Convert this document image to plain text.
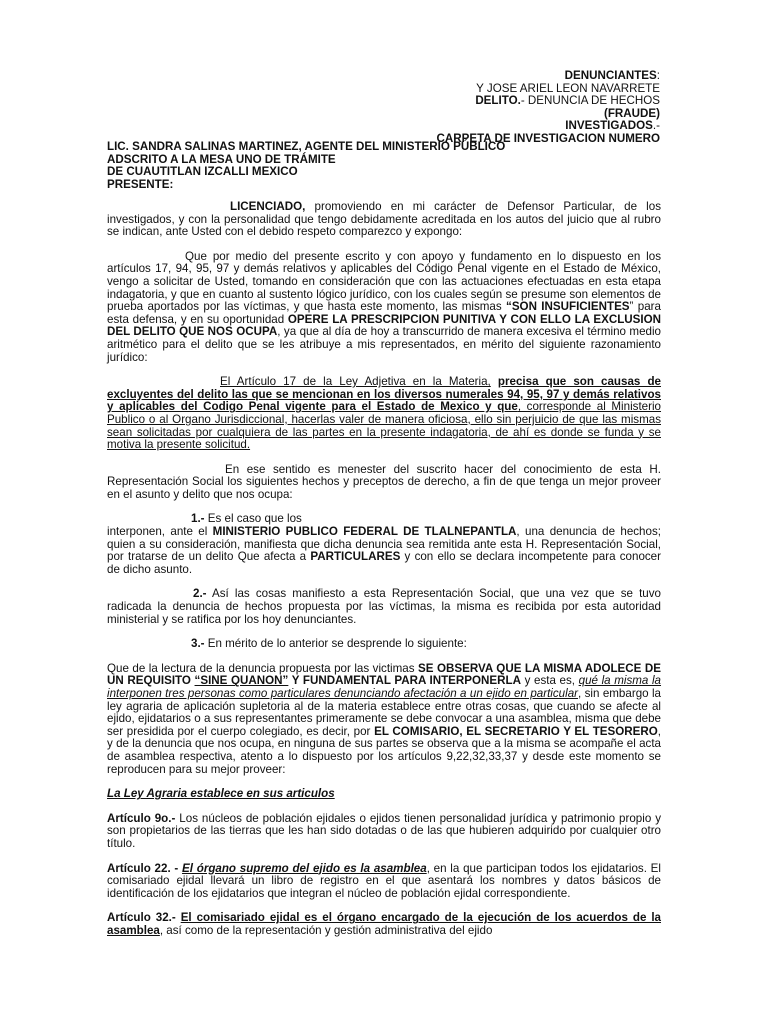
DENUNCIANTES:
Y JOSE ARIEL LEON NAVARRETE
DELITO.- DENUNCIA DE HECHOS
(FRAUDE)
INVESTIGADOS.-
CARPETA DE INVESTIGACION NUMERO
LIC. SANDRA SALINAS MARTINEZ, AGENTE DEL MINISTERIO PÚBLICO
ADSCRITO A LA MESA UNO DE TRÁMITE
DE CUAUTITLAN IZCALLI MEXICO
PRESENTE:
LICENCIADO, promoviendo en mi carácter de Defensor Particular, de los investigados, y con la personalidad que tengo debidamente acreditada en los autos del juicio que al rubro se indican, ante Usted con el debido respeto comparezco y expongo:
Que por medio del presente escrito y con apoyo y fundamento en lo dispuesto en los artículos 17, 94, 95, 97 y demás relativos y aplicables del Código Penal vigente en el Estado de México, vengo a solicitar de Usted, tomando en consideración que con las actuaciones efectuadas en esta etapa indagatoria, y que en cuanto al sustento lógico jurídico, con los cuales según se presume son elementos de prueba aportados por las víctimas, y que hasta este momento, las mismas “SON INSUFICIENTES” para esta defensa, y en su oportunidad OPERE LA PRESCRIPCION PUNITIVA Y CON ELLO LA EXCLUSION DEL DELITO QUE NOS OCUPA, ya que al día de hoy a transcurrido de manera excesiva el término medio aritmético para el delito que se les atribuye a mis representados, en mérito del siguiente razonamiento jurídico:
El Artículo 17 de la Ley Adjetiva en la Materia, precisa que son causas de excluyentes del delito las que se mencionan en los diversos numerales 94, 95, 97 y demás relativos y aplicables del Codigo Penal vigente para el Estado de Mexico y que, corresponde al Ministerio Publico o al Organo Jurisdiccional, hacerlas valer de manera oficiosa, ello sin perjuicio de que las mismas sean solicitadas por cualquiera de las partes en la presente indagatoria, de ahí es donde se funda y se motiva la presente solicitud.
En ese sentido es menester del suscrito hacer del conocimiento de esta H. Representación Social los siguientes hechos y preceptos de derecho, a fin de que tenga un mejor proveer en el asunto y delito que nos ocupa:
1.- Es el caso que los
interponen, ante el MINISTERIO PUBLICO FEDERAL DE TLALNEPANTLA, una denuncia de hechos; quien a su consideración, manifiesta que dicha denuncia sea remitida ante esta H. Representación Social, por tratarse de un delito Que afecta a PARTICULARES y con ello se declara incompetente para conocer de dicho asunto.
2.- Así las cosas manifiesto a esta Representación Social, que una vez que se tuvo radicada la denuncia de hechos propuesta por las víctimas, la misma es recibida por esta autoridad ministerial y se ratifica por los hoy denunciantes.
3.- En mérito de lo anterior se desprende lo siguiente:
Que de la lectura de la denuncia propuesta por las victimas SE OBSERVA QUE LA MISMA ADOLECE DE UN REQUISITO “SINE QUANON” Y FUNDAMENTAL PARA INTERPONERLA y esta es, qué la misma la interponen tres personas como particulares denunciando afectación a un ejido en particular, sin embargo la ley agraria de aplicación supletoria al de la materia establece entre otras cosas, que cuando se afecte al ejido, ejidatarios o a sus representantes primeramente se debe convocar a una asamblea, misma que debe ser presidida por el cuerpo colegiado, es decir, por EL COMISARIO, EL SECRETARIO Y EL TESORERO, y de la denuncia que nos ocupa, en ninguna de sus partes se observa que a la misma se acompañe el acta de asamblea respectiva, atento a lo dispuesto por los artículos 9,22,32,33,37 y desde este momento se reproducen para su mejor proveer:
La Ley Agraria establece en sus articulos
Artículo 9o.- Los núcleos de población ejidales o ejidos tienen personalidad jurídica y patrimonio propio y son propietarios de las tierras que les han sido dotadas o de las que hubieren adquirido por cualquier otro título.
Artículo 22. - El órgano supremo del ejido es la asamblea, en la que participan todos los ejidatarios. El comisariado ejidal llevará un libro de registro en el que asentará los nombres y datos básicos de identificación de los ejidatarios que integran el núcleo de población ejidal correspondiente.
Artículo 32.- El comisariado ejidal es el órgano encargado de la ejecución de los acuerdos de la asamblea, así como de la representación y gestión administrativa del ejido
